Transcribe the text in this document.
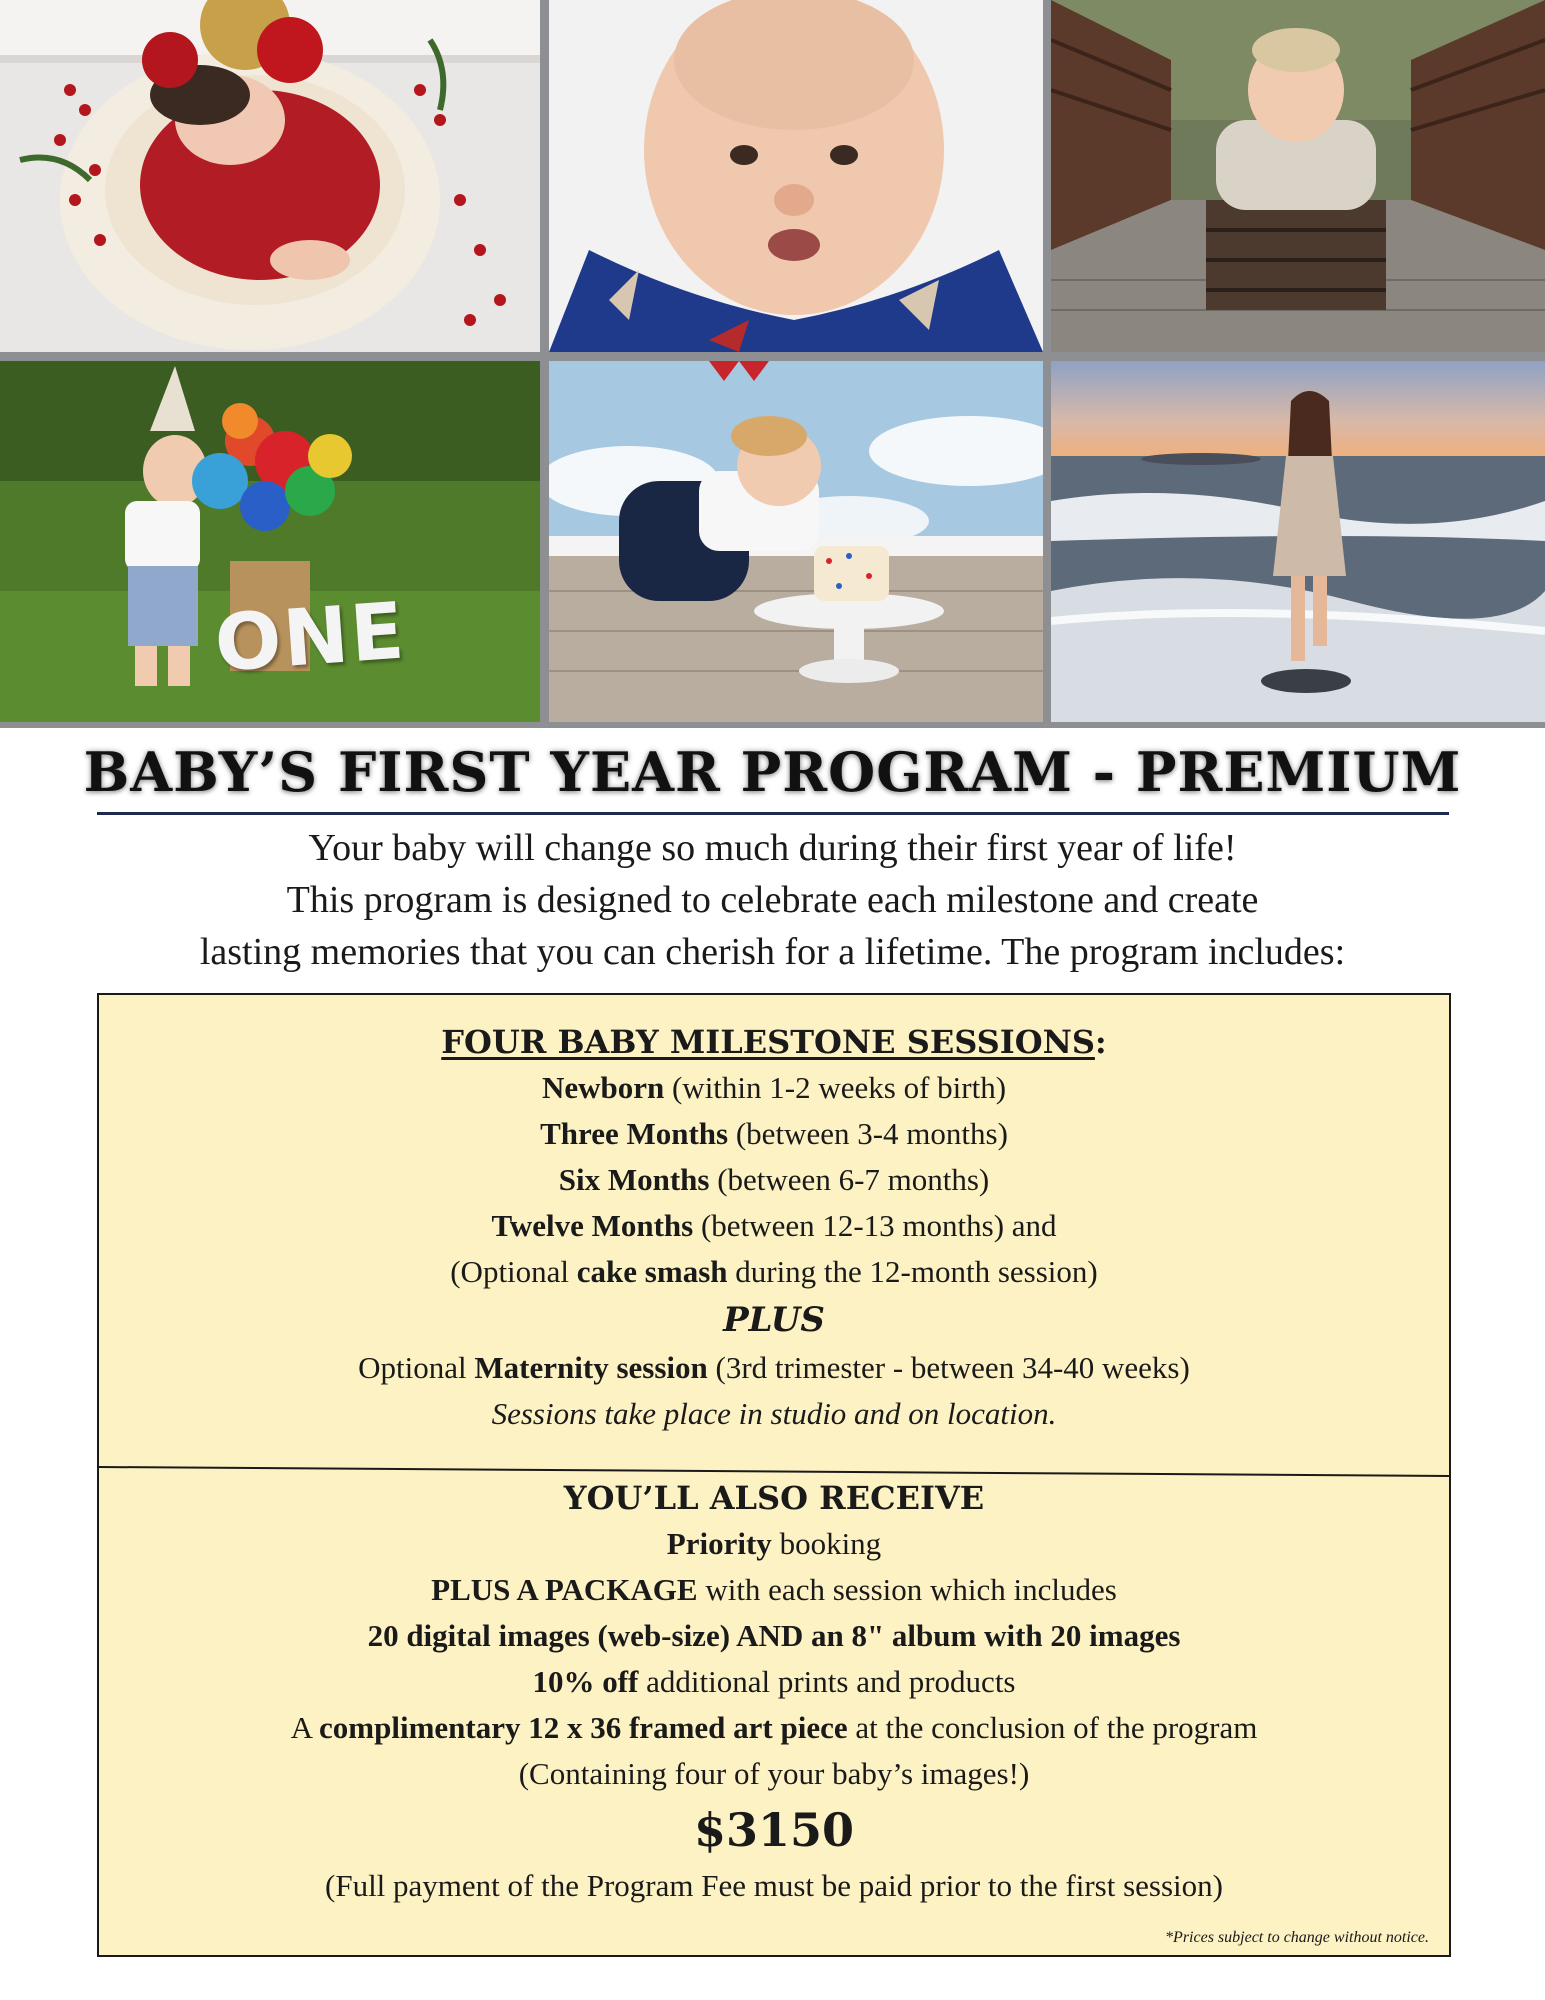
ONE
BABY’S FIRST YEAR PROGRAM - PREMIUM
Your baby will change so much during their first year of life!
This program is designed to celebrate each milestone and create
lasting memories that you can cherish for a lifetime. The program includes:
FOUR BABY MILESTONE SESSIONS:
Newborn (within 1-2 weeks of birth)
Three Months (between 3-4 months)
Six Months (between 6-7 months)
Twelve Months (between 12-13 months) and
(Optional cake smash during the 12-month session)
PLUS
Optional Maternity session (3rd trimester - between 34-40 weeks)
Sessions take place in studio and on location.
YOU’LL ALSO RECEIVE
Priority booking
PLUS A PACKAGE with each session which includes
20 digital images (web-size) AND an 8" album with 20 images
10% off additional prints and products
A complimentary 12 x 36 framed art piece at the conclusion of the program
(Containing four of your baby’s images!)
$3150
(Full payment of the Program Fee must be paid prior to the first session)
*Prices subject to change without notice.
